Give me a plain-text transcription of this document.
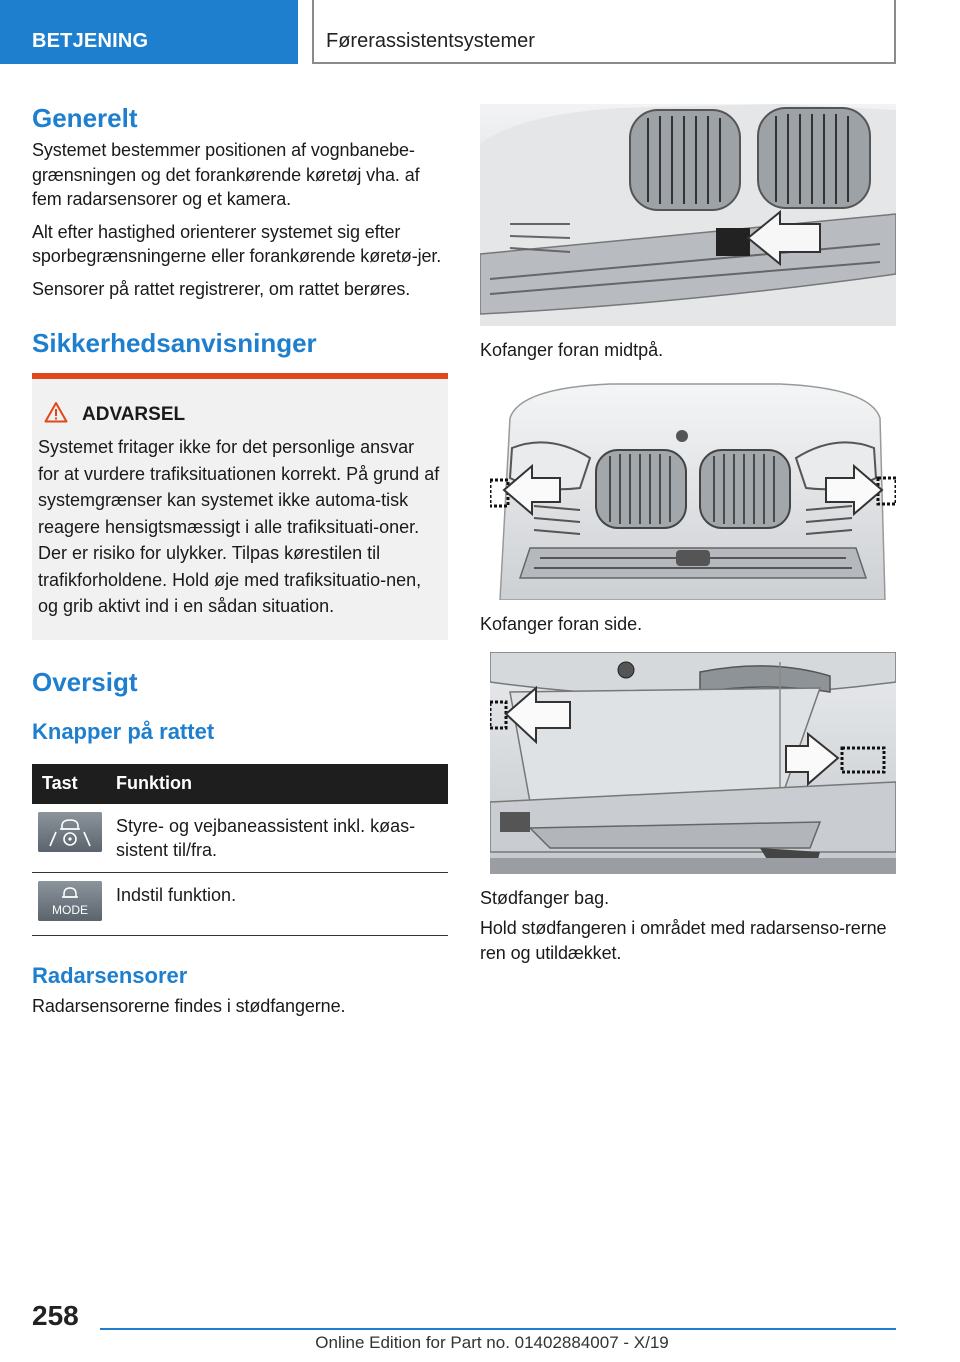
BETJENING	Førerassistentsystemer
Generelt

Systemet bestemmer positionen af vognbanebe-grænsningen og det forankørende køretøj vha. af fem radarsensorer og et kamera.

Alt efter hastighed orienterer systemet sig efter sporbegrænsningerne eller forankørende køretø-jer.

Sensorer på rattet registrerer, om rattet berøres.

Sikkerhedsanvisninger
ADVARSEL
Systemet fritager ikke for det personlige ansvar for at vurdere trafiksituationen korrekt. På grund af systemgrænser kan systemet ikke automa-tisk reagere hensigtsmæssigt i alle trafiksituati-oner. Der er risiko for ulykker. Tilpas kørestilen til trafikforholdene. Hold øje med trafiksituatio-nen, og grib aktivt ind i en sådan situation.
Oversigt
Knapper på rattet
Tast	Funktion

	Styre- og vejbaneassistent inkl. køas-sistent til/fra.

MODE	Indstil funktion.
Radarsensorer

Radarsensorerne findes i stødfangerne.

Kofanger foran midtpå.

Kofanger foran side.

Stødfanger bag.

Hold stødfangeren i området med radarsenso-rerne ren og utildækket.

258
Online Edition for Part no. 01402884007 - X/19
